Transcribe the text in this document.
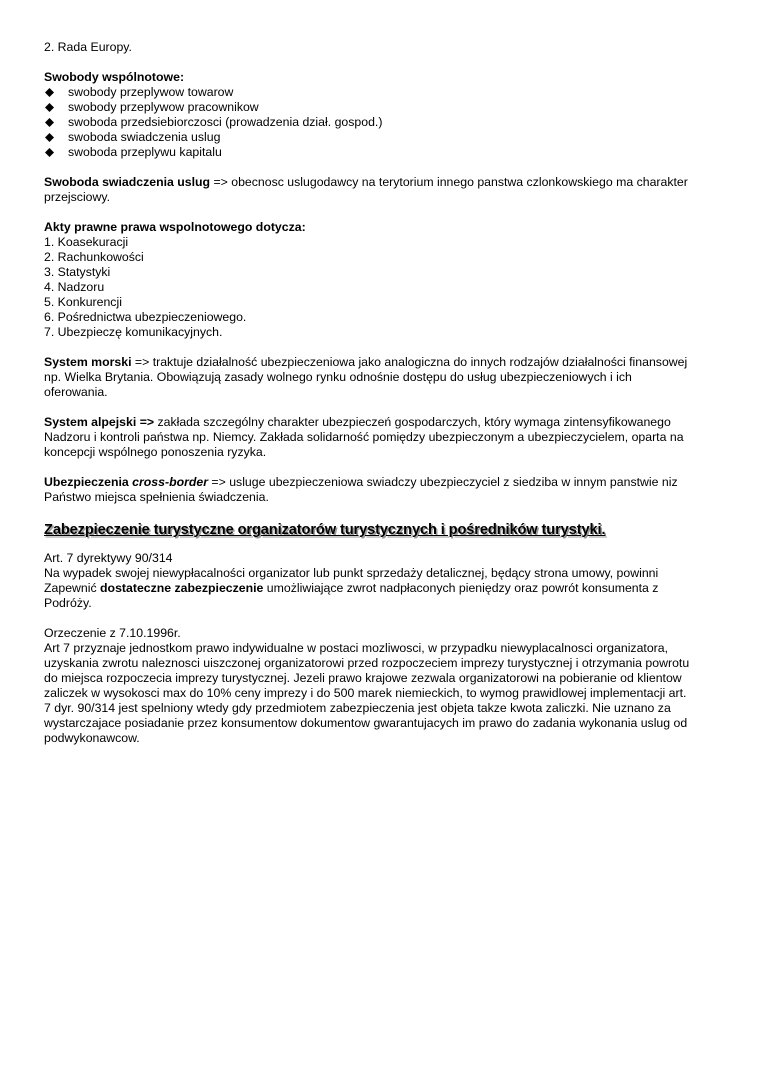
2. Rada Europy.

Swobody wspólnotowe:
swobody przeplywow towarow
swobody przeplywow pracownikow
swoboda przedsiebiorczosci (prowadzenia dział. gospod.)
swoboda swiadczenia uslug
swoboda przeplywu kapitalu

Swoboda swiadczenia uslug => obecnosc uslugodawcy na terytorium innego panstwa czlonkowskiego ma charakter
przejsciowy.

Akty prawne prawa wspolnotowego dotycza:
1. Koasekuracji
2. Rachunkowości
3. Statystyki
4. Nadzoru
5. Konkurencji
6. Pośrednictwa ubezpieczeniowego.
7. Ubezpieczę komunikacyjnych.

System morski => traktuje działalność ubezpieczeniowa jako analogiczna do innych rodzajów działalności finansowej
np. Wielka Brytania. Obowiązują zasady wolnego rynku odnośnie dostępu do usług ubezpieczeniowych i ich
oferowania.

System alpejski => zakłada szczególny charakter ubezpieczeń gospodarczych, który wymaga zintensyfikowanego
Nadzoru i kontroli państwa np. Niemcy. Zakłada solidarność pomiędzy ubezpieczonym a ubezpieczycielem, oparta na
koncepcji wspólnego ponoszenia ryzyka.

Ubezpieczenia cross-border => usluge ubezpieczeniowa swiadczy ubezpieczyciel z siedziba w innym panstwie niz
Państwo miejsca spełnienia świadczenia.

Zabezpieczenie turystyczne organizatorów turystycznych i pośredników turystyki.

Art. 7 dyrektywy 90/314
Na wypadek swojej niewypłacalności organizator lub punkt sprzedaży detalicznej, będący strona umowy, powinni
Zapewnić dostateczne zabezpieczenie umożliwiające zwrot nadpłaconych pieniędzy oraz powrót konsumenta z
Podróży.

Orzeczenie z 7.10.1996r.
Art 7 przyznaje jednostkom prawo indywidualne w postaci mozliwosci, w przypadku niewyplacalnosci organizatora,
uzyskania zwrotu naleznosci uiszczonej organizatorowi przed rozpoczeciem imprezy turystycznej i otrzymania powrotu
do miejsca rozpoczecia imprezy turystycznej. Jezeli prawo krajowe zezwala organizatorowi na pobieranie od klientow
zaliczek w wysokosci max do 10% ceny imprezy i do 500 marek niemieckich, to wymog prawidlowej implementacji art.
7 dyr. 90/314 jest spelniony wtedy gdy przedmiotem zabezpieczenia jest objeta takze kwota zaliczki. Nie uznano za
wystarczajace posiadanie przez konsumentow dokumentow gwarantujacych im prawo do zadania wykonania uslug od
podwykonawcow.
